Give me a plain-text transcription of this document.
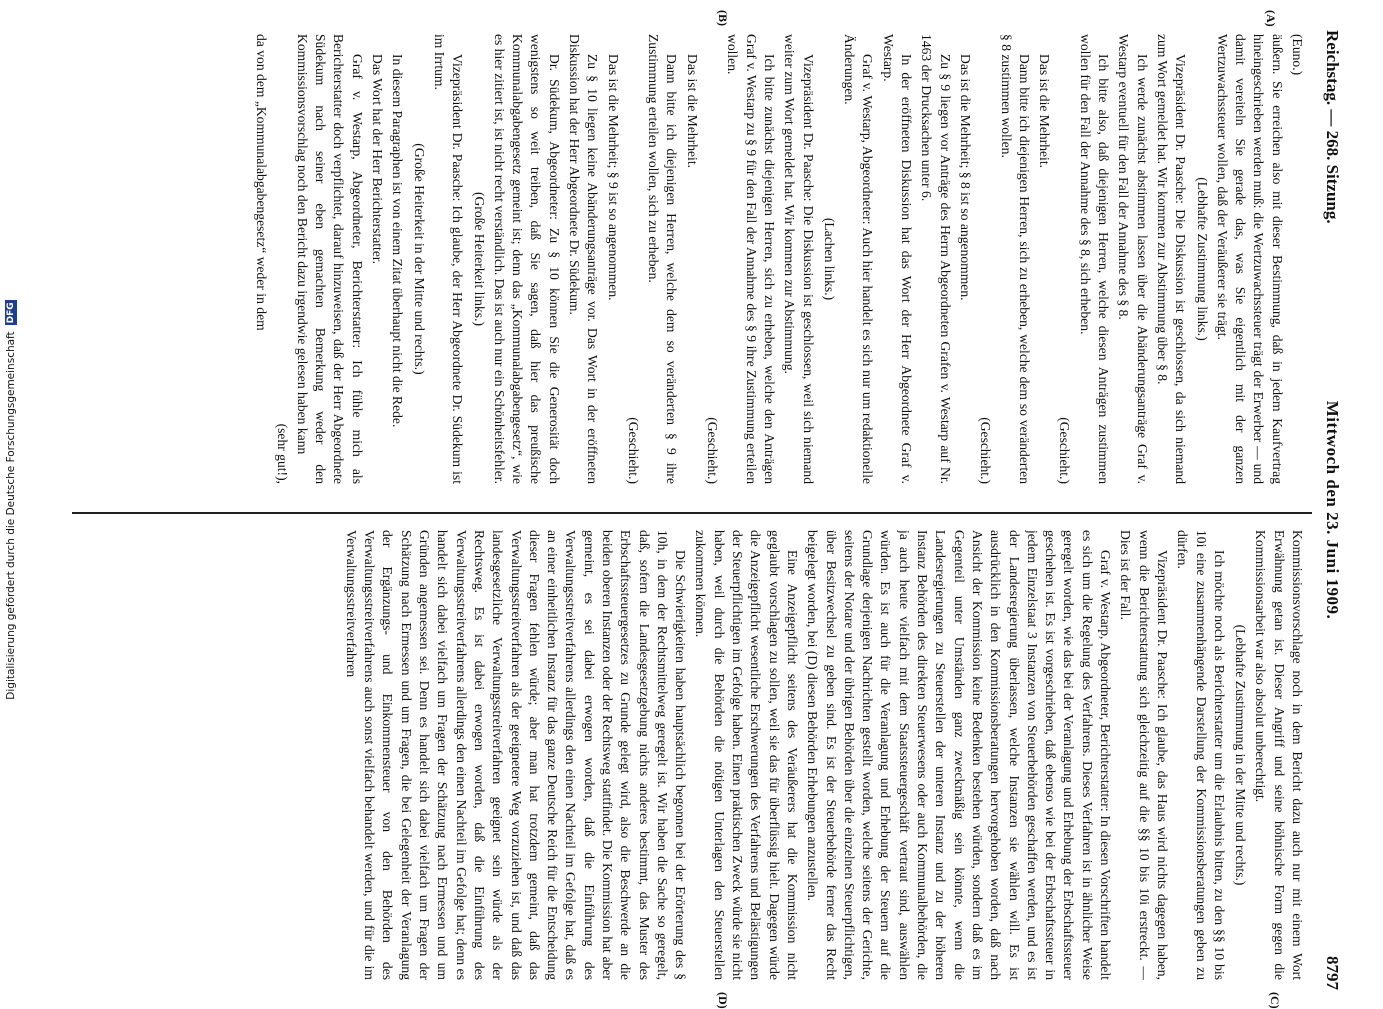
Digitalisierung gefördert durch die Deutsche Forschungsgemeinschaft
DFG
Reichstag. — 268. Sitzung.
Mittwoch den 23. Juni 1909.
8797
(A)
(B)
(C)
(D)

(Euno.)

äußern. Sie erreichen also mit dieser Bestimmung, daß in jedem Kaufvertrag hineingeschrieben werden muß: die Wertzuwachssteuer trägt der Erwerber — und damit vereiteln Sie gerade das, was Sie eigentlich mit der ganzen Wertzuwachssteuer wollen, daß der Veräußerer sie trägt.

(Lebhafte Zustimmung links.)

Vizepräsident Dr. Paasche: Die Diskussion ist geschlossen, da sich niemand zum Wort gemeldet hat. Wir kommen zur Abstimmung über § 8.

Ich werde zunächst abstimmen lassen über die Abänderungsanträge Graf v. Westarp eventuell für den Fall der Annahme des § 8.

Ich bitte also, daß diejenigen Herren, welche diesen Anträgen zustimmen wollen für den Fall der Annahme des § 8, sich erheben.

(Geschieht.)

Das ist die Mehrheit.

Dann bitte ich diejenigen Herren, sich zu erheben, welche dem so veränderten § 8 zustimmen wollen.

(Geschieht.)

Das ist die Mehrheit; § 8 ist so angenommen.

Zu § 9 liegen vor Anträge des Herrn Abgeordneten Grafen v. Westarp auf Nr. 1463 der Drucksachen unter 6.

In der eröffneten Diskussion hat das Wort der Herr Abgeordnete Graf v. Westarp.

Graf v. Westarp, Abgeordneter: Auch hier handelt es sich nur um redaktionelle Änderungen.

(Lachen links.)

Vizepräsident Dr. Paasche: Die Diskussion ist geschlossen, weil sich niemand weiter zum Wort gemeldet hat. Wir kommen zur Abstimmung.

Ich bitte zunächst diejenigen Herren, sich zu erheben, welche den Anträgen Graf v. Westarp zu § 9 für den Fall der Annahme des § 9 ihre Zustimmung erteilen wollen.

(Geschieht.)

Das ist die Mehrheit.

Dann bitte ich diejenigen Herren, welche dem so veränderten § 9 ihre Zustimmung erteilen wollen, sich zu erheben.

(Geschieht.)

Das ist die Mehrheit; § 9 ist so angenommen.

Zu § 10 liegen keine Abänderungsanträge vor. Das Wort in der eröffneten Diskussion hat der Herr Abgeordnete Dr. Südekum.

Dr. Südekum, Abgeordneter: Zu § 10 können Sie die Generosität doch wenigstens so weit treiben, daß Sie sagen, daß hier das preußische Kommunalabgabengesetz gemeint ist; denn das „Kommunalabgabengesetz“, wie es hier zitiert ist, ist nicht recht verständlich. Das ist auch nur ein Schönheitsfehler.

(Große Heiterkeit links.)

Vizepräsident Dr. Paasche: Ich glaube, der Herr Abgeordnete Dr. Südekum ist im Irrtum.

(Große Heiterkeit in der Mitte und rechts.)

In diesem Paragraphen ist von einem Zitat überhaupt nicht die Rede.

Das Wort hat der Herr Berichterstatter.

Graf v. Westarp, Abgeordneter, Berichterstatter: Ich fühle mich als Berichterstatter doch verpflichtet, darauf hinzuweisen, daß der Herr Abgeordnete Südekum nach seiner eben gemachten Bemerkung weder den Kommissionsvorschlag noch den Bericht dazu irgendwie gelesen haben kann

(sehr gut!),

da von dem „Kommunalabgabengesetz“ weder in dem

Kommissionsvorschlage noch in dem Bericht dazu auch nur mit einem Wort Erwähnung getan ist. Dieser Angriff und seine höhnische Form gegen die Kommissionsarbeit war also absolut unberechtigt.

(Lebhafte Zustimmung in der Mitte und rechts.)

Ich möchte noch als Berichterstatter um die Erlaubnis bitten, zu den §§ 10 bis 10i eine zusammenhängende Darstellung der Kommissionsberatungen geben zu dürfen.

Vizepräsident Dr. Paasche: Ich glaube, das Haus wird nichts dagegen haben, wenn die Berichterstattung sich gleichzeitig auf die §§ 10 bis 10i erstreckt. — Dies ist der Fall.

Graf v. Westarp, Abgeordneter, Berichterstatter: In diesen Vorschriften handelt es sich um die Regelung des Verfahrens. Dieses Verfahren ist in ähnlicher Weise geregelt worden, wie das bei der Veranlagung und Erhebung der Erbschaftssteuer geschehen ist. Es ist vorgeschrieben, daß ebenso wie bei der Erbschaftssteuer in jedem Einzelstaat 3 Instanzen von Steuerbehörden geschaffen werden, und es ist der Landesregierung überlassen, welche Instanzen sie wählen will. Es ist ausdrücklich in den Kommissionsberatungen hervorgehoben worden, daß nach Ansicht der Kommission keine Bedenken bestehen würden, sondern daß es im Gegenteil unter Umständen ganz zweckmäßig sein könnte, wenn die Landesregierungen zu Steuerstellen der unteren Instanz und zu der höheren Instanz Behörden des direkten Steuerwesens oder auch Kommunalbehörden, die ja auch heute vielfach mit dem Staatssteuergeschäft vertraut sind, auswählen würden. Es ist auch für die Veranlagung und Erhebung der Steuern auf die Grundlage derjenigen Nachrichten gestellt worden, welche seitens der Gerichte, seitens der Notare und der übrigen Behörden über die einzelnen Steuerpflichtigen, über Besitzwechsel zu geben sind. Es ist der Steuerbehörde ferner das Recht beigelegt worden, bei (D) diesen Behörden Erhebungen anzustellen.

Eine Anzeigepflicht seitens des Veräußerers hat die Kommission nicht geglaubt vorschlagen zu sollen, weil sie das für überflüssig hielt. Dagegen würde die Anzeigepflicht wesentliche Erschwerungen des Verfahrens und Belästigungen der Steuerpflichtigen im Gefolge haben. Einen praktischen Zweck würde sie nicht haben, weil durch die Behörden die nötigen Unterlagen den Steuerstellen zukommen können.

Die Schwierigkeiten haben hauptsächlich begonnen bei der Erörterung des § 10h, in dem der Rechtsmittelweg geregelt ist. Wir haben die Sache so geregelt, daß, sofern die Landesgesetzgebung nichts anderes bestimmt, das Muster des Erbschaftssteuergesetzes zu Grunde gelegt wird, also die Beschwerde an die beiden oberen Instanzen oder der Rechtsweg stattfindet. Die Kommission hat aber gemeint, es sei dabei erwogen worden, daß die Einführung des Verwaltungsstreitverfahrens allerdings den einen Nachteil im Gefolge hat, daß es an einer einheitlichen Instanz für das ganze Deutsche Reich für die Entscheidung dieser Fragen fehlen würde; aber man hat trotzdem gemeint, daß das Verwaltungsstreitverfahren als der geeignetere Weg vorzuziehen ist, und daß das landesgesetzliche Verwaltungsstreitverfahren geeignet sein würde als der Rechtsweg. Es ist dabei erwogen worden, daß die Einführung des Verwaltungsstreitverfahrens allerdings den einen Nachteil im Gefolge hat; denn es handelt sich dabei vielfach um Fragen der Schätzung nach Ermessen und um Gründen angemessen sei. Denn es handelt sich dabei vielfach um Fragen der Schätzung nach Ermessen und um Fragen, die bei Gelegenheit der Veranlagung der Ergänzungs- und Einkommensteuer von den Behörden des Verwaltungsstreitverfahrens auch sonst vielfach behandelt werden, und für die im Verwaltungsstreitverfahren
